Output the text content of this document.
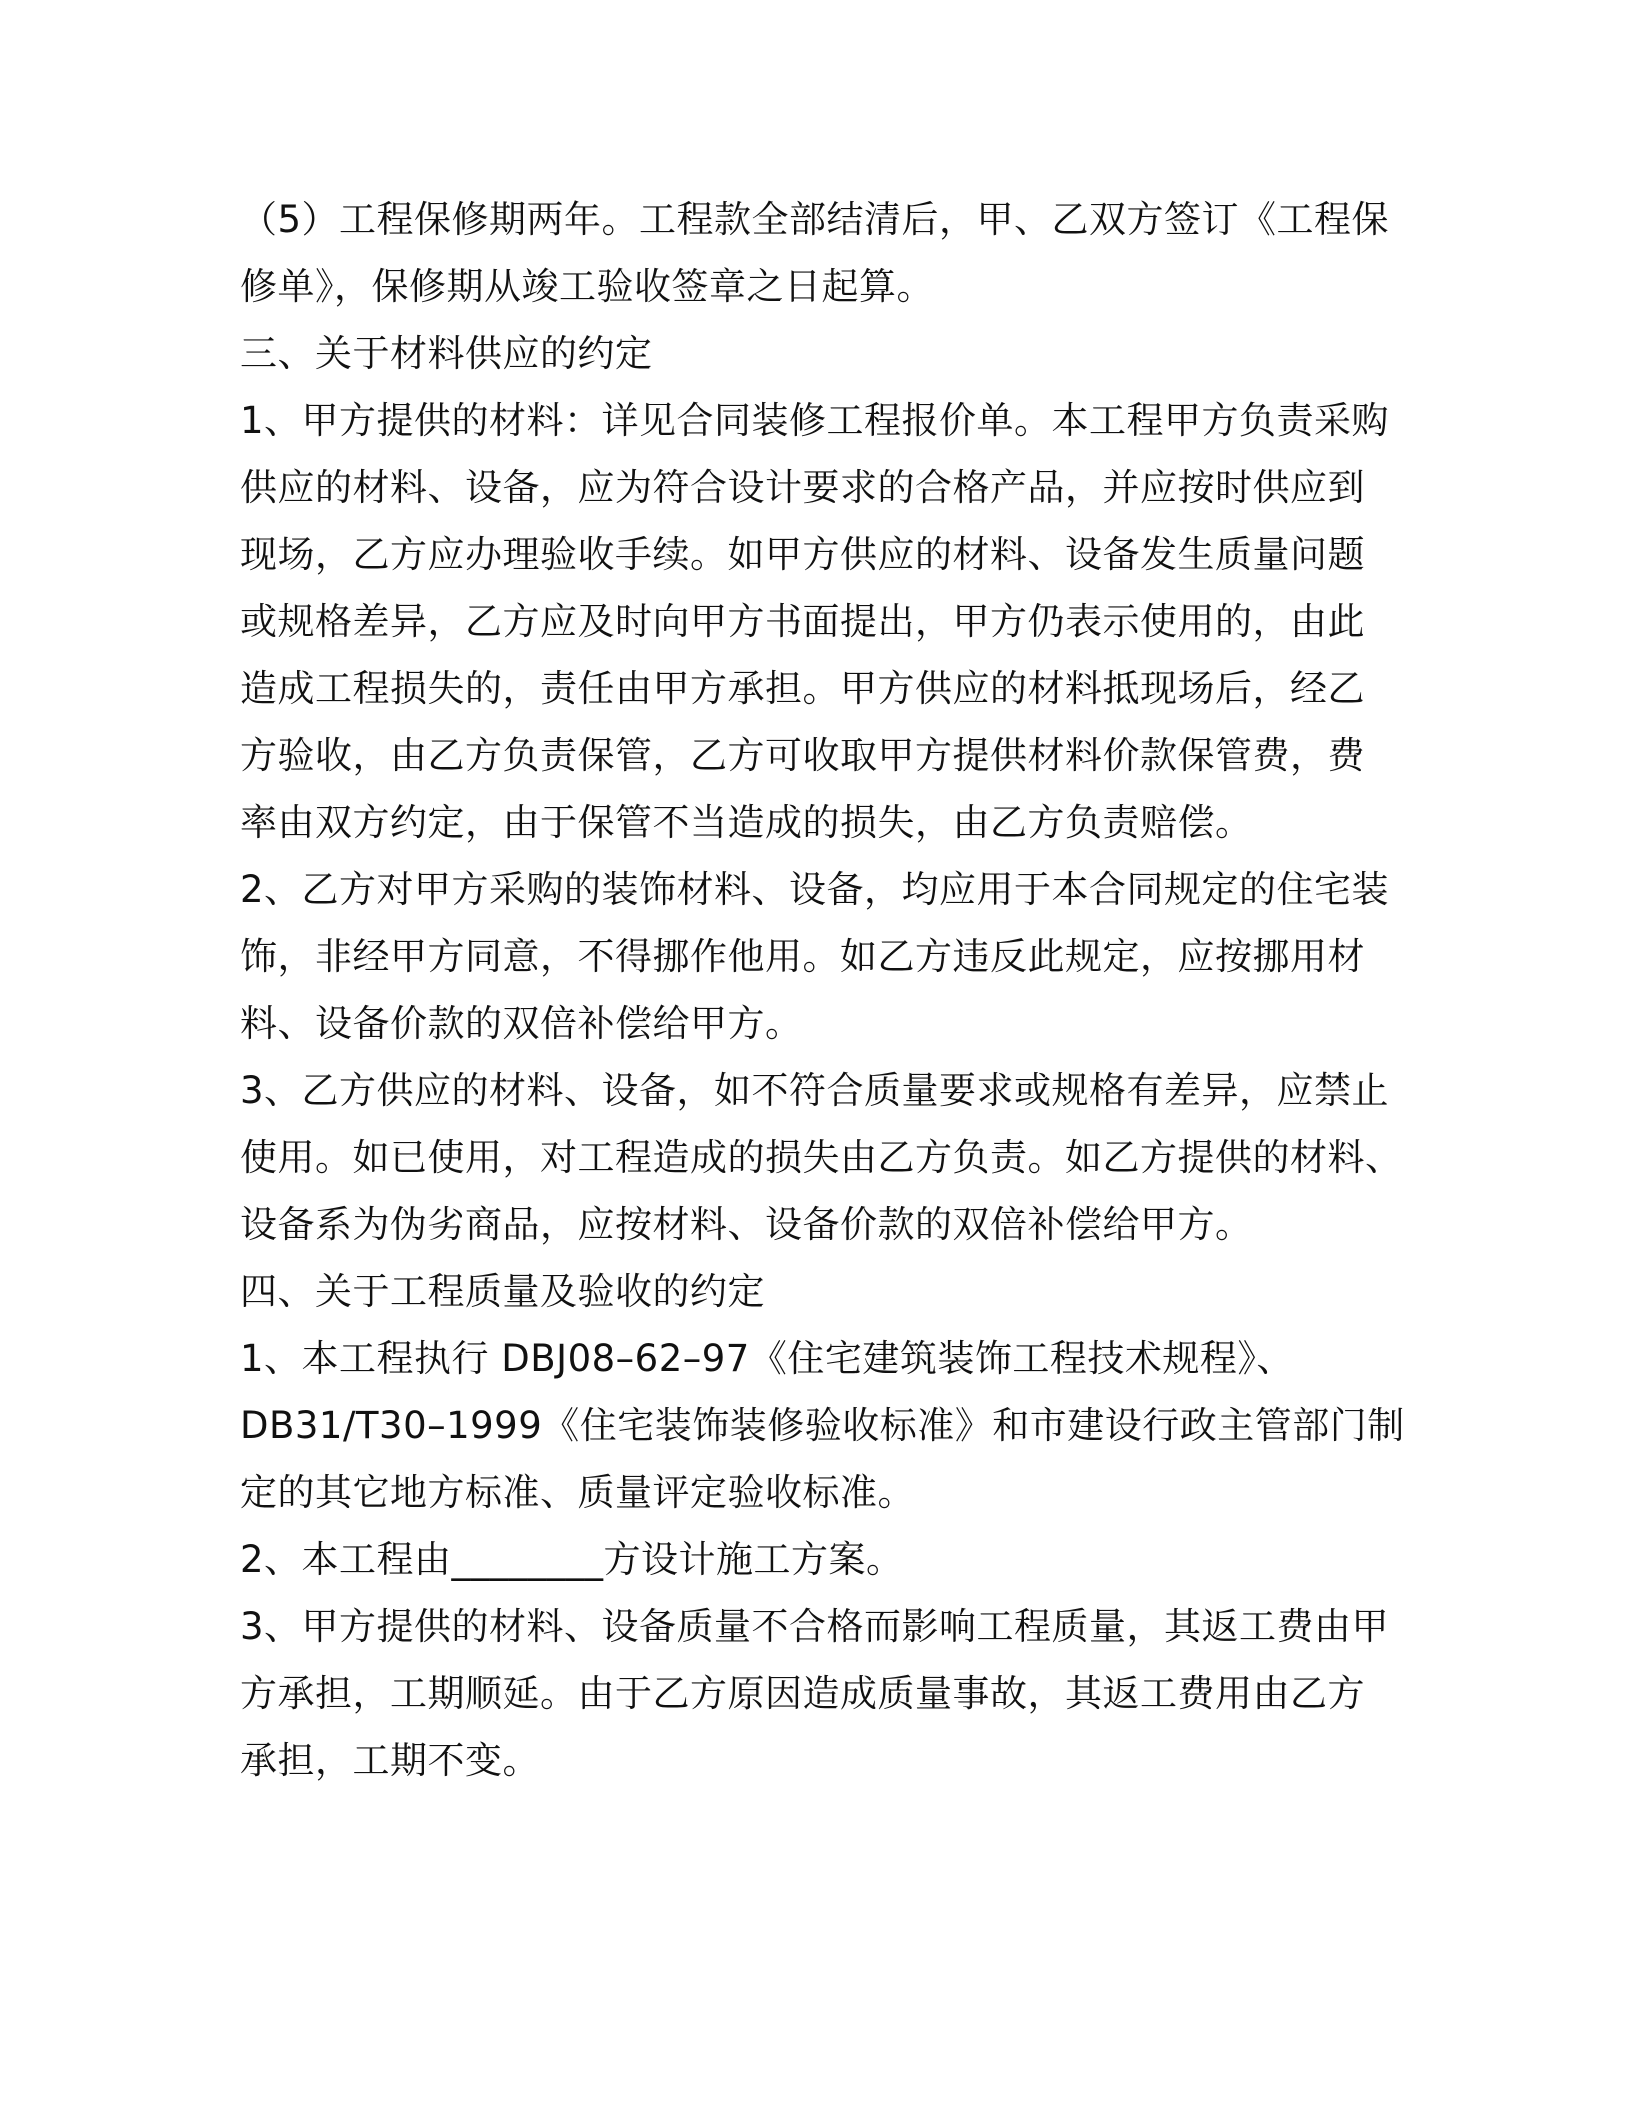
（5）工程保修期两年。工程款全部结清后，甲、乙双方签订《工程保
修单》，保修期从竣工验收签章之日起算。

三、关于材料供应的约定

1、甲方提供的材料：详见合同装修工程报价单。本工程甲方负责采购
供应的材料、设备，应为符合设计要求的合格产品，并应按时供应到
现场，乙方应办理验收手续。如甲方供应的材料、设备发生质量问题
或规格差异，乙方应及时向甲方书面提出，甲方仍表示使用的，由此
造成工程损失的，责任由甲方承担。甲方供应的材料抵现场后，经乙
方验收，由乙方负责保管，乙方可收取甲方提供材料价款保管费，费
率由双方约定，由于保管不当造成的损失，由乙方负责赔偿。

2、乙方对甲方采购的装饰材料、设备，均应用于本合同规定的住宅装
饰，非经甲方同意，不得挪作他用。如乙方违反此规定，应按挪用材
料、设备价款的双倍补偿给甲方。

3、乙方供应的材料、设备，如不符合质量要求或规格有差异，应禁止
使用。如已使用，对工程造成的损失由乙方负责。如乙方提供的材料、
设备系为伪劣商品，应按材料、设备价款的双倍补偿给甲方。

四、关于工程质量及验收的约定

1、本工程执行 DBJ08–62–97《住宅建筑装饰工程技术规程》、
DB31/T30–1999《住宅装饰装修验收标准》和市建设行政主管部门制
定的其它地方标准、质量评定验收标准。

2、本工程由________方设计施工方案。

3、甲方提供的材料、设备质量不合格而影响工程质量，其返工费由甲
方承担，工期顺延。由于乙方原因造成质量事故，其返工费用由乙方
承担，工期不变。
